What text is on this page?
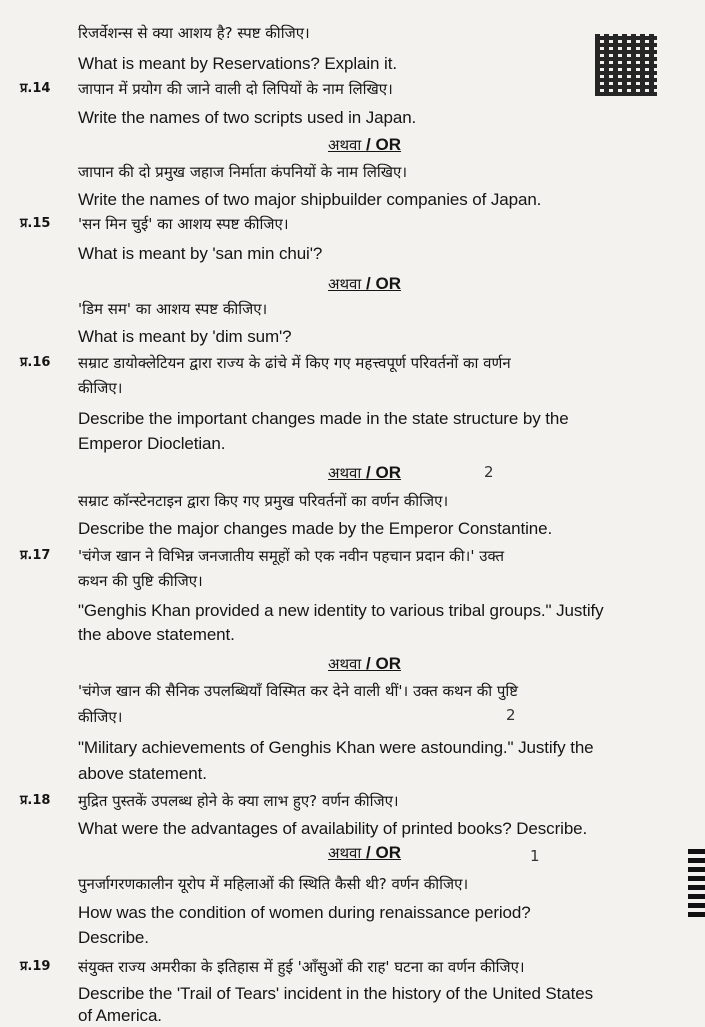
रिजर्वेशन्स से क्या आशय है? स्पष्ट कीजिए।
What is meant by Reservations? Explain it.
प्र.14 जापान में प्रयोग की जाने वाली दो लिपियों के नाम लिखिए।
Write the names of two scripts used in Japan.
अथवा / OR
जापान की दो प्रमुख जहाज निर्माता कंपनियों के नाम लिखिए।
Write the names of two major shipbuilder companies of Japan.
प्र.15 'सन मिन चुई' का आशय स्पष्ट कीजिए।
What is meant by 'san min chui'?
अथवा / OR
'डिम सम' का आशय स्पष्ट कीजिए।
What is meant by 'dim sum'?
प्र.16 सम्राट डायोक्लेटियन द्वारा राज्य के ढांचे में किए गए महत्त्वपूर्ण परिवर्तनों का वर्णन
कीजिए।
Describe the important changes made in the state structure by the
Emperor Diocletian.
अथवा / OR	2
सम्राट कॉन्स्टेनटाइन द्वारा किए गए प्रमुख परिवर्तनों का वर्णन कीजिए।
Describe the major changes made by the Emperor Constantine.
प्र.17 'चंगेज खान ने विभिन्न जनजातीय समूहों को एक नवीन पहचान प्रदान की।' उक्त
कथन की पुष्टि कीजिए।
"Genghis Khan provided a new identity to various tribal groups." Justify
the above statement.
अथवा / OR
'चंगेज खान की सैनिक उपलब्धियाँ विस्मित कर देने वाली थीं'। उक्त कथन की पुष्टि
कीजिए।	2
"Military achievements of Genghis Khan were astounding." Justify the
above statement.
प्र.18 मुद्रित पुस्तकें उपलब्ध होने के क्या लाभ हुए? वर्णन कीजिए।
What were the advantages of availability of printed books? Describe.
अथवा / OR	1
पुनर्जागरणकालीन यूरोप में महिलाओं की स्थिति कैसी थी? वर्णन कीजिए।
How was the condition of women during renaissance period?
Describe.
प्र.19 संयुक्त राज्य अमरीका के इतिहास में हुई 'आँसुओं की राह' घटना का वर्णन कीजिए।
Describe the 'Trail of Tears' incident in the history of the United States
of America.
